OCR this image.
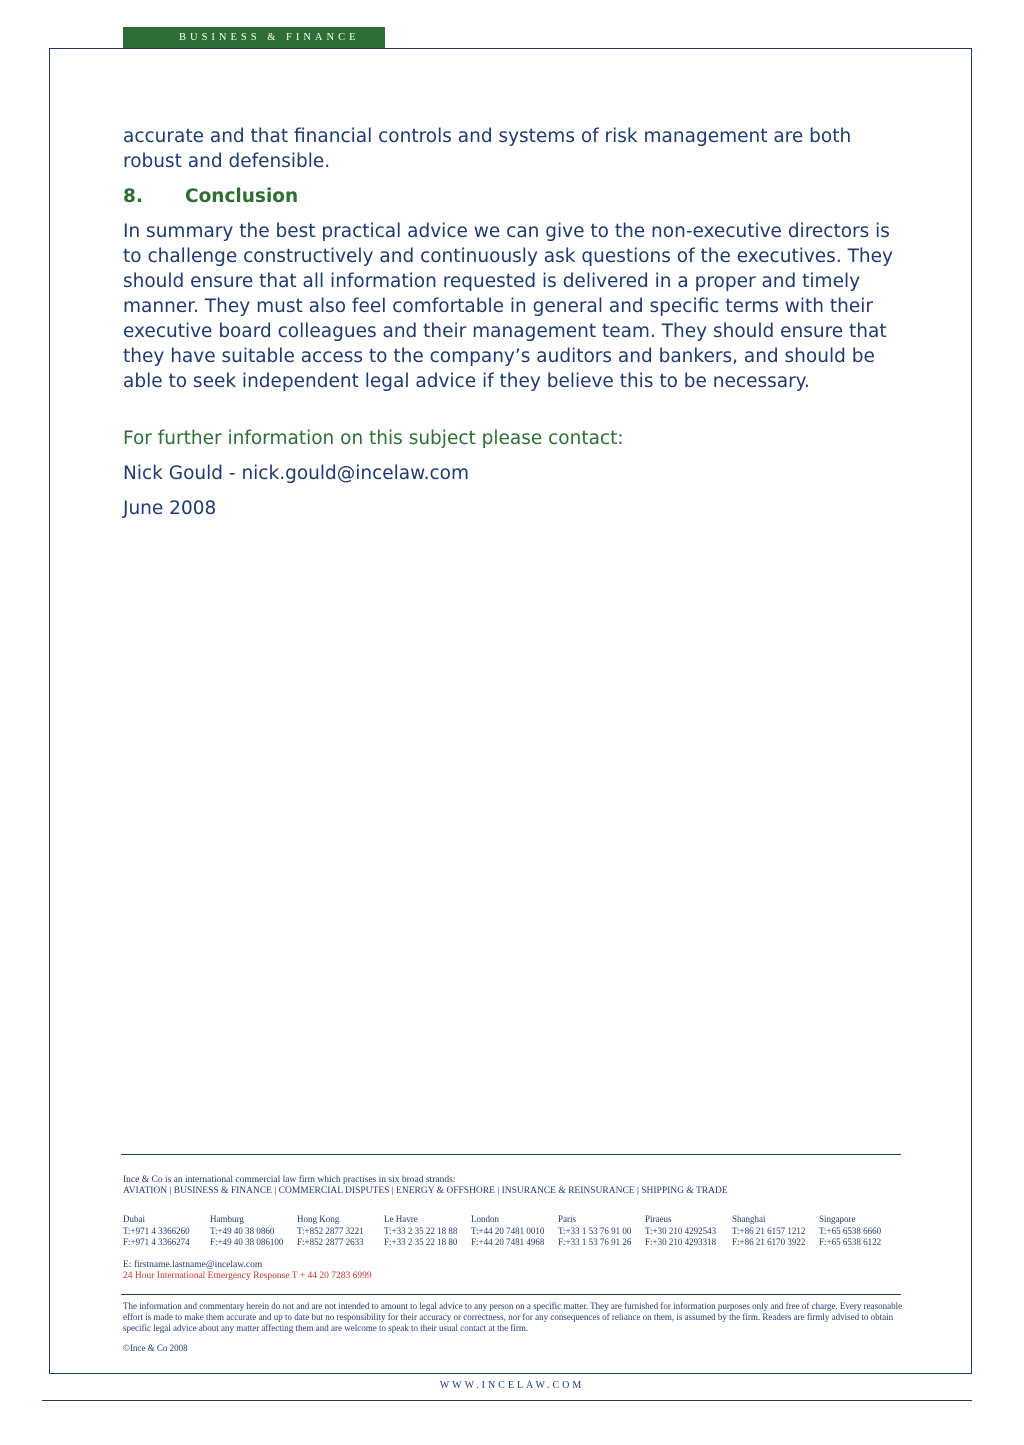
BUSINESS & FINANCE

accurate and that financial controls and systems of risk management are both robust and defensible.

8.	Conclusion

In summary the best practical advice we can give to the non-executive directors is to challenge constructively and continuously ask questions of the executives. They should ensure that all information requested is delivered in a proper and timely manner. They must also feel comfortable in general and specific terms with their executive board colleagues and their management team. They should ensure that they have suitable access to the company’s auditors and bankers, and should be able to seek independent legal advice if they believe this to be necessary.

For further information on this subject please contact:

Nick Gould - nick.gould@incelaw.com

June 2008

Ince & Co is an international commercial law firm which practises in six broad strands:
AVIATION | BUSINESS & FINANCE | COMMERCIAL DISPUTES | ENERGY & OFFSHORE | INSURANCE & REINSURANCE | SHIPPING & TRADE
Dubai
T:+971 4 3366260
F:+971 4 3366274
Hamburg
T:+49 40 38 0860
F:+49 40 38 086100
Hong Kong
T:+852 2877 3221
F:+852 2877 2633
Le Havre
T:+33 2 35 22 18 88
F:+33 2 35 22 18 80
London
T:+44 20 7481 0010
F:+44 20 7481 4968
Paris
T:+33 1 53 76 91 00
F:+33 1 53 76 91 26
Piraeus
T:+30 210 4292543
F:+30 210 4293318
Shanghai
T:+86 21 6157 1212
F:+86 21 6170 3922
Singapore
T:+65 6538 6660
F:+65 6538 6122
E: firstname.lastname@incelaw.com
24 Hour International Emergency Response T + 44 20 7283 6999
The information and commentary herein do not and are not intended to amount to legal advice to any person on a specific matter. They are furnished for information purposes only and free of charge. Every reasonable effort is made to make them accurate and up to date but no responsibility for their accuracy or correctness, nor for any consequences of reliance on them, is assumed by the firm. Readers are firmly advised to obtain specific legal advice about any matter affecting them and are welcome to speak to their usual contact at the firm.
©Ince & Co 2008
WWW.INCELAW.COM
